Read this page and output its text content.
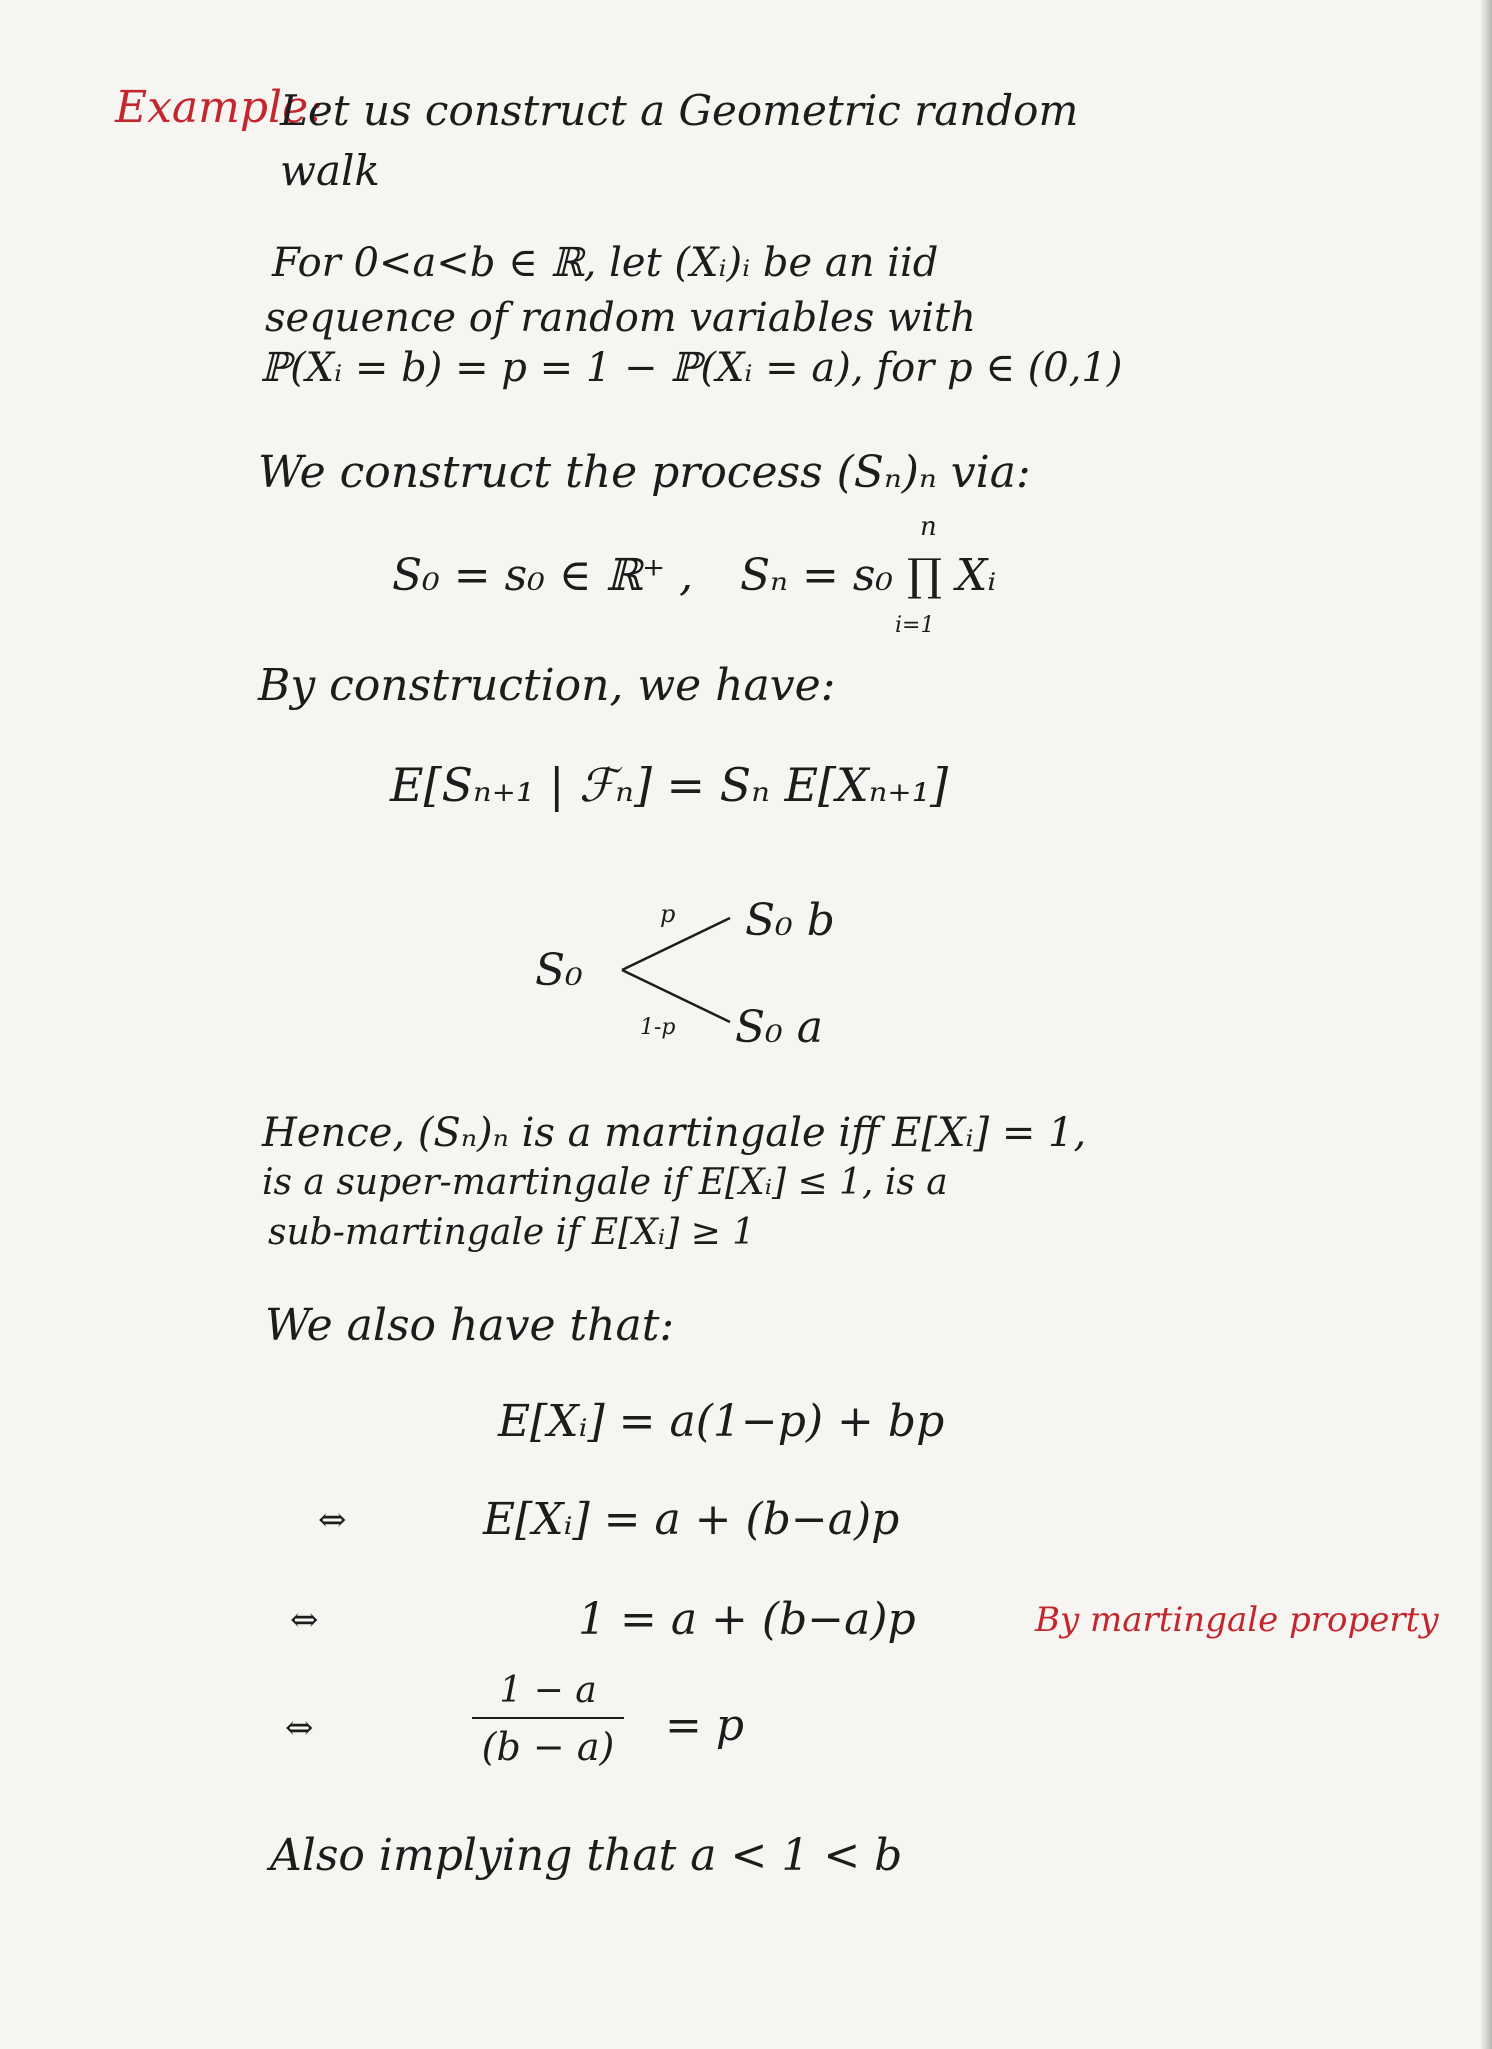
Example:
Let us construct a Geometric random
walk
For 0<a<b ∈ ℝ, let (Xᵢ)ᵢ be an iid
sequence of random variables with
ℙ(Xᵢ = b) = p = 1 − ℙ(Xᵢ = a), for p ∈ (0,1)
We construct the process (Sₙ)ₙ via:
S₀ = s₀ ∈ ℝ⁺ , Sₙ = s₀ ∏ Xᵢ
n
i=1
By construction, we have:
E[Sₙ₊₁ | ℱₙ] = Sₙ E[Xₙ₊₁]
S₀
S₀ b
S₀ a
p
1-p
Hence, (Sₙ)ₙ is a martingale iff E[Xᵢ] = 1,
is a super-martingale if E[Xᵢ] ≤ 1, is a
sub-martingale if E[Xᵢ] ≥ 1
We also have that:
E[Xᵢ] = a(1−p) + bp
⇔	E[Xᵢ] = a + (b−a)p
⇔	1 = a + (b−a)p	By martingale property
⇔
1 − a
(b − a)	= p
Also implying that a < 1 < b
